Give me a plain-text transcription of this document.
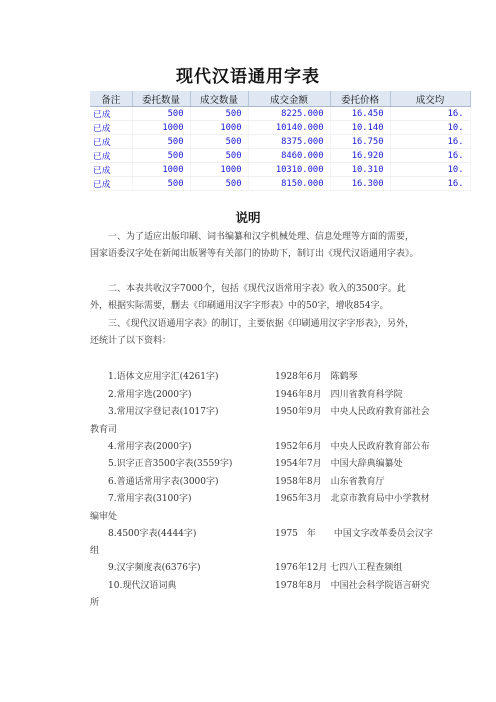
现代汉语通用字表
备注	委托数量	成交数量	成交金额	委托价格	成交均
已成	500	500	8225.000	16.450	16.
已成	1000	1000	10140.000	10.140	10.
已成	500	500	8375.000	16.750	16.
已成	500	500	8460.000	16.920	16.
已成	1000	1000	10310.000	10.310	10.
已成	500	500	8150.000	16.300	16.
说明

一、为了适应出版印刷、词书编纂和汉字机械处理、信息处理等方面的需要，国家语委汉字处在新闻出版署等有关部门的协助下，制订出《现代汉语通用字表》。

二、本表共收汉字7000个，包括《现代汉语常用字表》收入的3500字。此外，根据实际需要，删去《印刷通用汉字字形表》中的50字，增收854字。

三、《现代汉语通用字表》的制订，主要依据《印刷通用汉字字形表》，另外，还统计了以下资料：

1.语体文应用字汇(4261字)	1928年6月　陈鹤琴
2.常用字选(2000字)	1946年8月　四川省教育科学院
3.常用汉字登记表(1017字)	1950年9月　中央人民政府教育部社会
教育司
4.常用字表(2000字)	1952年6月　中央人民政府教育部公布
5.识字正音3500字表(3559字)	1954年7月　中国大辞典编纂处
6.普通话常用字表(3000字)	1958年8月　山东省教育厅
7.常用字表(3100字)	1965年3月　北京市教育局中小学教材
编审处
8.4500字表(4444字)	1975　年　　中国文字改革委员会汉字
组
9.汉字频度表(6376字)	1976年12月 七四八工程查频组
10.现代汉语词典	1978年8月　中国社会科学院语言研究
所
